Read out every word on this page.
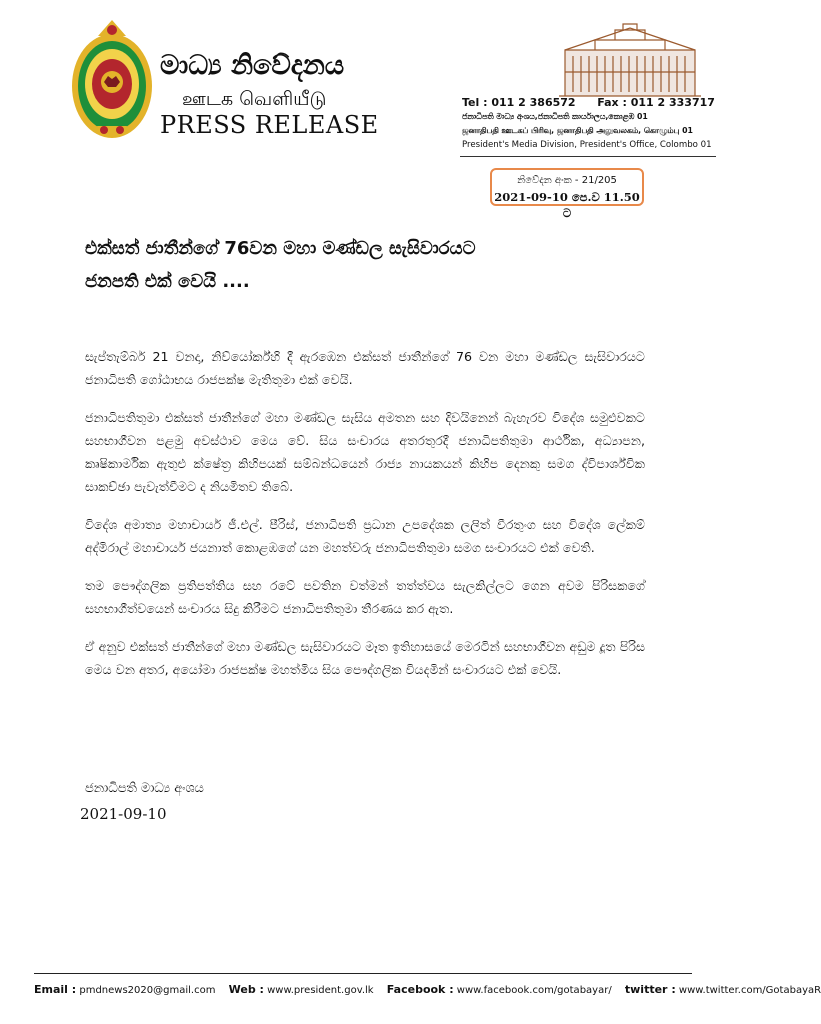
මාධ්‍ය නිවේදනය
ஊடக வெளியீடு
PRESS RELEASE
Tel : 011 2 386572 Fax : 011 2 333717
ජනාධිපති මාධ්‍ය අංශය,ජනාධිපති කාර්යාලය,කොළඹ 01
ஜனாதிபதி ஊடகப் பிரிவு, ஜனாதிபதி அலுவலகம், கொழும்பு 01
President's Media Division, President's Office, Colombo 01
නිවේදන අංක - 21/205
2021-09-10 පෙ.ව 11.50 ට
එක්සත් ජාතීන්ගේ 76වන මහා මණ්ඩල සැසිවාරයට
ජනපති එක් වෙයි ....

සැප්තැම්බර් 21 වනදා, නිව්යෝර්ක්හි දී ඇරඹෙන එක්සත් ජාතීන්ගේ 76 වන මහා මණ්ඩල සැසිවාරයට ජනාධිපති ගෝඨාභය රාජපක්ෂ මැතිතුමා එක් වෙයි.

ජනාධිපතිතුමා එක්සත් ජාතීන්ගේ මහා මණ්ඩල සැසිය අමතන සහ දිවයිනෙන් බැහැරව විදේශ සමුළුවකට සහභාගීවන පළමු අවස්ථාව මෙය වේ. සිය සංචාරය අතරතුරදී ජනාධිපතිතුමා ආර්ථික, අධ්‍යාපන, කෘෂිකාර්මික ඇතුළු ක්ෂේත්‍ර කිහිපයක් සම්බන්ධයෙන් රාජ්‍ය නායකයන් කිහිප දෙනකු සමග ද්විපාර්ශ්වික සාකච්ඡා පැවැත්වීමට ද නියමිතව තිබේ.

විදේශ අමාත්‍ය මහාචාර්ය ජී.එල්. පීරිස්, ජනාධිපති ප්‍රධාන උපදේශක ලලිත් වීරතුංග සහ විදේශ ලේකම් අද්මිරාල් මහාචාර්ය ජයනාත් කොළඹගේ යන මහත්වරු ජනාධිපතිතුමා සමග සංචාරයට එක් වෙති.

තම පෞද්ගලික ප්‍රතිපත්තිය සහ රටේ පවතින වත්මන් තත්ත්වය සැලකිල්ලට ගෙන අවම පිරිසකගේ සහභාගීත්වයෙන් සංචාරය සිදු කිරීමට ජනාධිපතිතුමා තීරණය කර ඇත.

ඒ අනුව එක්සත් ජාතීන්ගේ මහා මණ්ඩල සැසිවාරයට මෑත ඉතිහාසයේ මෙරටින් සහභාගීවන අඩුම දූත පිරිස මෙය වන අතර, අයෝමා රාජපක්ෂ මහත්මිය සිය පෞද්ගලික වියදමින් සංචාරයට එක් වෙයි.

ජනාධිපති මාධ්‍ය අංශය
2021-09-10
Email : pmdnews2020@gmail.com Web : www.president.gov.lk Facebook : www.facebook.com/gotabayar/ twitter : www.twitter.com/GotabayaR
